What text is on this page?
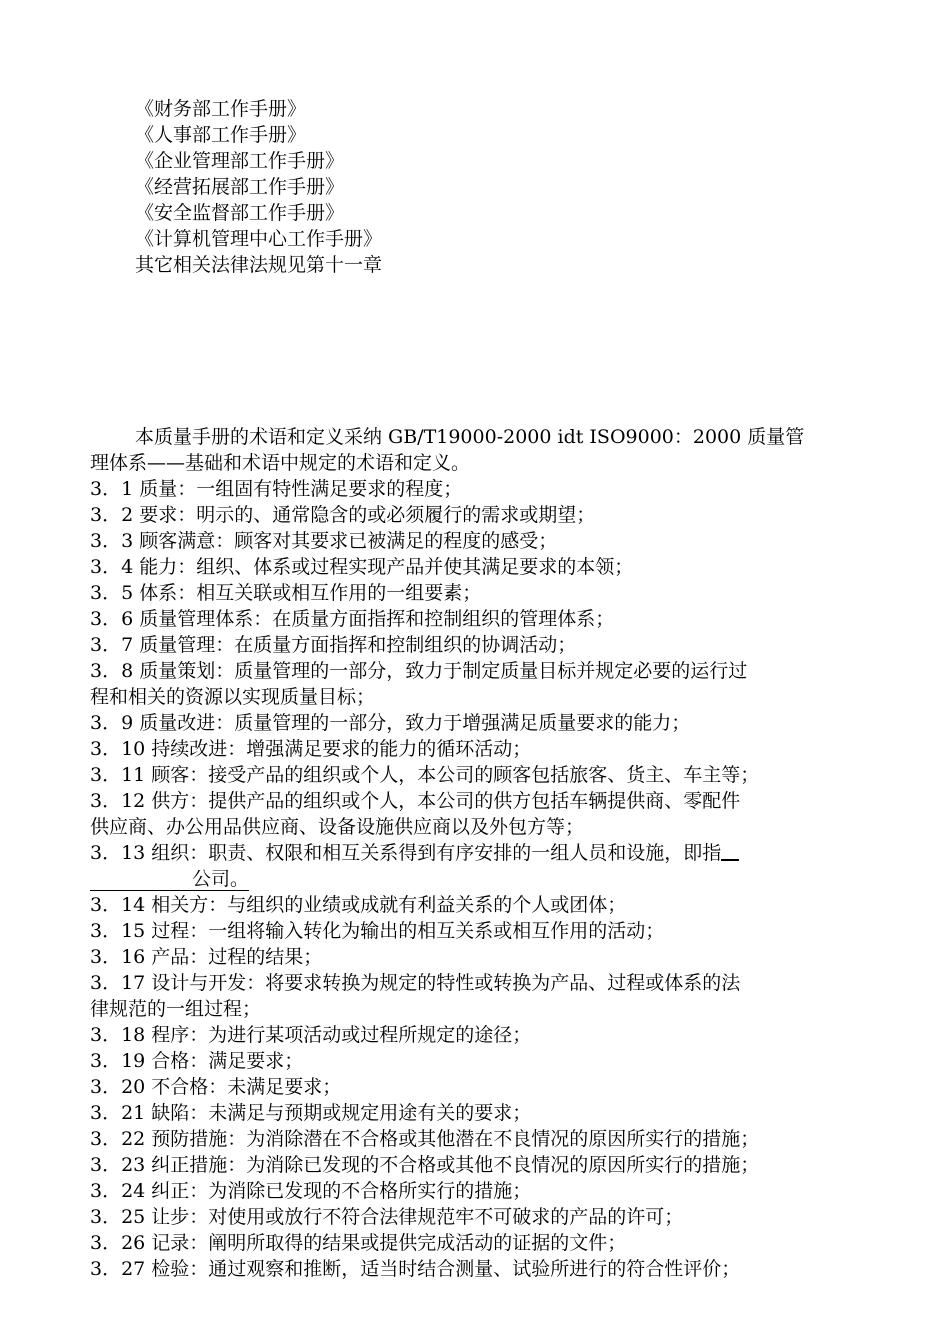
《财务部工作手册》
《人事部工作手册》
《企业管理部工作手册》
《经营拓展部工作手册》
《安全监督部工作手册》
《计算机管理中心工作手册》
其它相关法律法规见第十一章

本质量手册的术语和定义采纳 GB/T19000-2000 idt ISO9000：2000 质量管

理体系——基础和术语中规定的术语和定义。

3．1 质量：一组固有特性满足要求的程度；

3．2 要求：明示的、通常隐含的或必须履行的需求或期望；

3．3 顾客满意：顾客对其要求已被满足的程度的感受；

3．4 能力：组织、体系或过程实现产品并使其满足要求的本领；

3．5 体系：相互关联或相互作用的一组要素；

3．6 质量管理体系：在质量方面指挥和控制组织的管理体系；

3．7 质量管理：在质量方面指挥和控制组织的协调活动；

3．8 质量策划：质量管理的一部分，致力于制定质量目标并规定必要的运行过

程和相关的资源以实现质量目标；

3．9 质量改进：质量管理的一部分，致力于增强满足质量要求的能力；

3．10 持续改进：增强满足要求的能力的循环活动；

3．11 顾客：接受产品的组织或个人，本公司的顾客包括旅客、货主、车主等；

3．12 供方：提供产品的组织或个人，本公司的供方包括车辆提供商、零配件

供应商、办公用品供应商、设备设施供应商以及外包方等；

3．13 组织：职责、权限和相互关系得到有序安排的一组人员和设施，即指

公司。

3．14 相关方：与组织的业绩或成就有利益关系的个人或团体；

3．15 过程：一组将输入转化为输出的相互关系或相互作用的活动；

3．16 产品：过程的结果；

3．17 设计与开发：将要求转换为规定的特性或转换为产品、过程或体系的法

律规范的一组过程；

3．18 程序：为进行某项活动或过程所规定的途径；

3．19 合格：满足要求；

3．20 不合格：未满足要求；

3．21 缺陷：未满足与预期或规定用途有关的要求；

3．22 预防措施：为消除潜在不合格或其他潜在不良情况的原因所实行的措施；

3．23 纠正措施：为消除已发现的不合格或其他不良情况的原因所实行的措施；

3．24 纠正：为消除已发现的不合格所实行的措施；

3．25 让步：对使用或放行不符合法律规范牢不可破求的产品的许可；

3．26 记录：阐明所取得的结果或提供完成活动的证据的文件；

3．27 检验：通过观察和推断，适当时结合测量、试验所进行的符合性评价；
